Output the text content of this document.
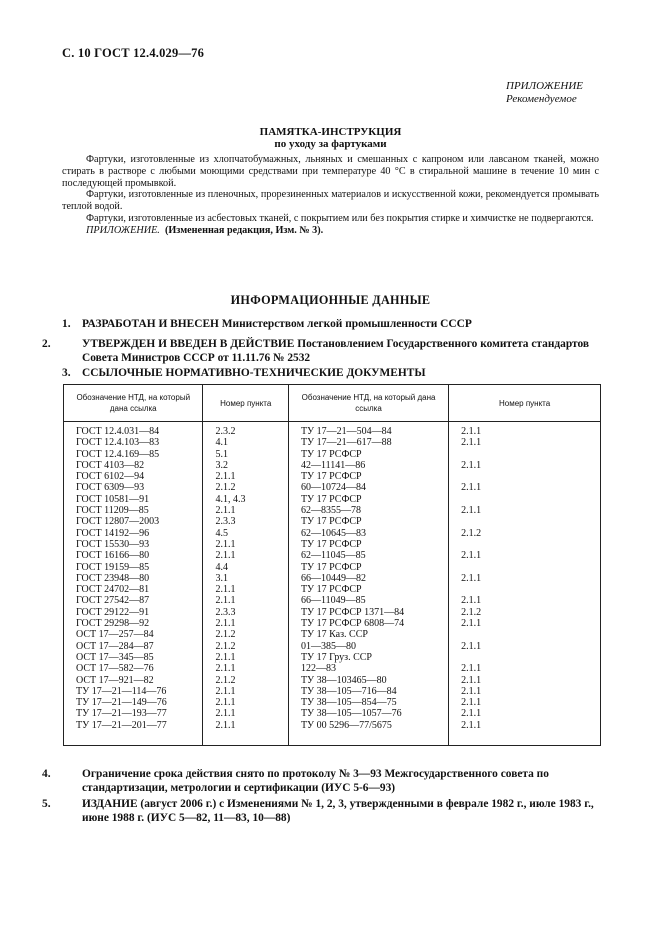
С. 10 ГОСТ 12.4.029—76
ПРИЛОЖЕНИЕ
Рекомендуемое
ПАМЯТКА-ИНСТРУКЦИЯ
по уходу за фартуками

Фартуки, изготовленные из хлопчатобумажных, льняных и смешанных с капроном или лавсаном тканей, можно стирать в растворе с любыми моющими средствами при температуре 40 °С в стиральной машине в течение 10 мин с последующей промывкой.

Фартуки, изготовленные из пленочных, прорезиненных материалов и искусственной кожи, рекомендуется промывать теплой водой.

Фартуки, изготовленные из асбестовых тканей, с покрытием или без покрытия стирке и химчистке не подвергаются.

ПРИЛОЖЕНИЕ. (Измененная редакция, Изм. № 3).

ИНФОРМАЦИОННЫЕ ДАННЫЕ
1. РАЗРАБОТАН И ВНЕСЕН Министерством легкой промышленности СССР
2.	УТВЕРЖДЕН И ВВЕДЕН В ДЕЙСТВИЕ Постановлением Государственного комитета стандартов Совета Министров СССР от 11.11.76 № 2532
3. ССЫЛОЧНЫЕ НОРМАТИВНО-ТЕХНИЧЕСКИЕ ДОКУМЕНТЫ
4.	Ограничение срока действия снято по протоколу № 3—93 Межгосударственного совета по стандартизации, метрологии и сертификации (ИУС 5-6—93)
5.	ИЗДАНИЕ (август 2006 г.) с Изменениями № 1, 2, 3, утвержденными в феврале 1982 г., июле 1983 г., июне 1988 г. (ИУС 5—82, 11—83, 10—88)
Обозначение НТД, на который дана ссылка	Номер пункта	Обозначение НТД, на который дана ссылка	Номер пункта
ГОСТ 12.4.031—84	2.3.2	ТУ 17—21—504—84	2.1.1
ГОСТ 12.4.103—83	4.1	ТУ 17—21—617—88	2.1.1
ГОСТ 12.4.169—85	5.1	ТУ 17 РСФСР	
ГОСТ 4103—82	3.2	42—11141—86	2.1.1
ГОСТ 6102—94	2.1.1	ТУ 17 РСФСР	
ГОСТ 6309—93	2.1.2	60—10724—84	2.1.1
ГОСТ 10581—91	4.1, 4.3	ТУ 17 РСФСР	
ГОСТ 11209—85	2.1.1	62—8355—78	2.1.1
ГОСТ 12807—2003	2.3.3	ТУ 17 РСФСР	
ГОСТ 14192—96	4.5	62—10645—83	2.1.2
ГОСТ 15530—93	2.1.1	ТУ 17 РСФСР	
ГОСТ 16166—80	2.1.1	62—11045—85	2.1.1
ГОСТ 19159—85	4.4	ТУ 17 РСФСР	
ГОСТ 23948—80	3.1	66—10449—82	2.1.1
ГОСТ 24702—81	2.1.1	ТУ 17 РСФСР	
ГОСТ 27542—87	2.1.1	66—11049—85	2.1.1
ГОСТ 29122—91	2.3.3	ТУ 17 РСФСР 1371—84	2.1.2
ГОСТ 29298—92	2.1.1	ТУ 17 РСФСР 6808—74	2.1.1
ОСТ 17—257—84	2.1.2	ТУ 17 Каз. ССР	
ОСТ 17—284—87	2.1.2	01—385—80	2.1.1
ОСТ 17—345—85	2.1.1	ТУ 17 Груз. ССР	
ОСТ 17—582—76	2.1.1	122—83	2.1.1
ОСТ 17—921—82	2.1.2	ТУ 38—103465—80	2.1.1
ТУ 17—21—114—76	2.1.1	ТУ 38—105—716—84	2.1.1
ТУ 17—21—149—76	2.1.1	ТУ 38—105—854—75	2.1.1
ТУ 17—21—193—77	2.1.1	ТУ 38—105—1057—76	2.1.1
ТУ 17—21—201—77	2.1.1	ТУ 00 5296—77/5675	2.1.1
